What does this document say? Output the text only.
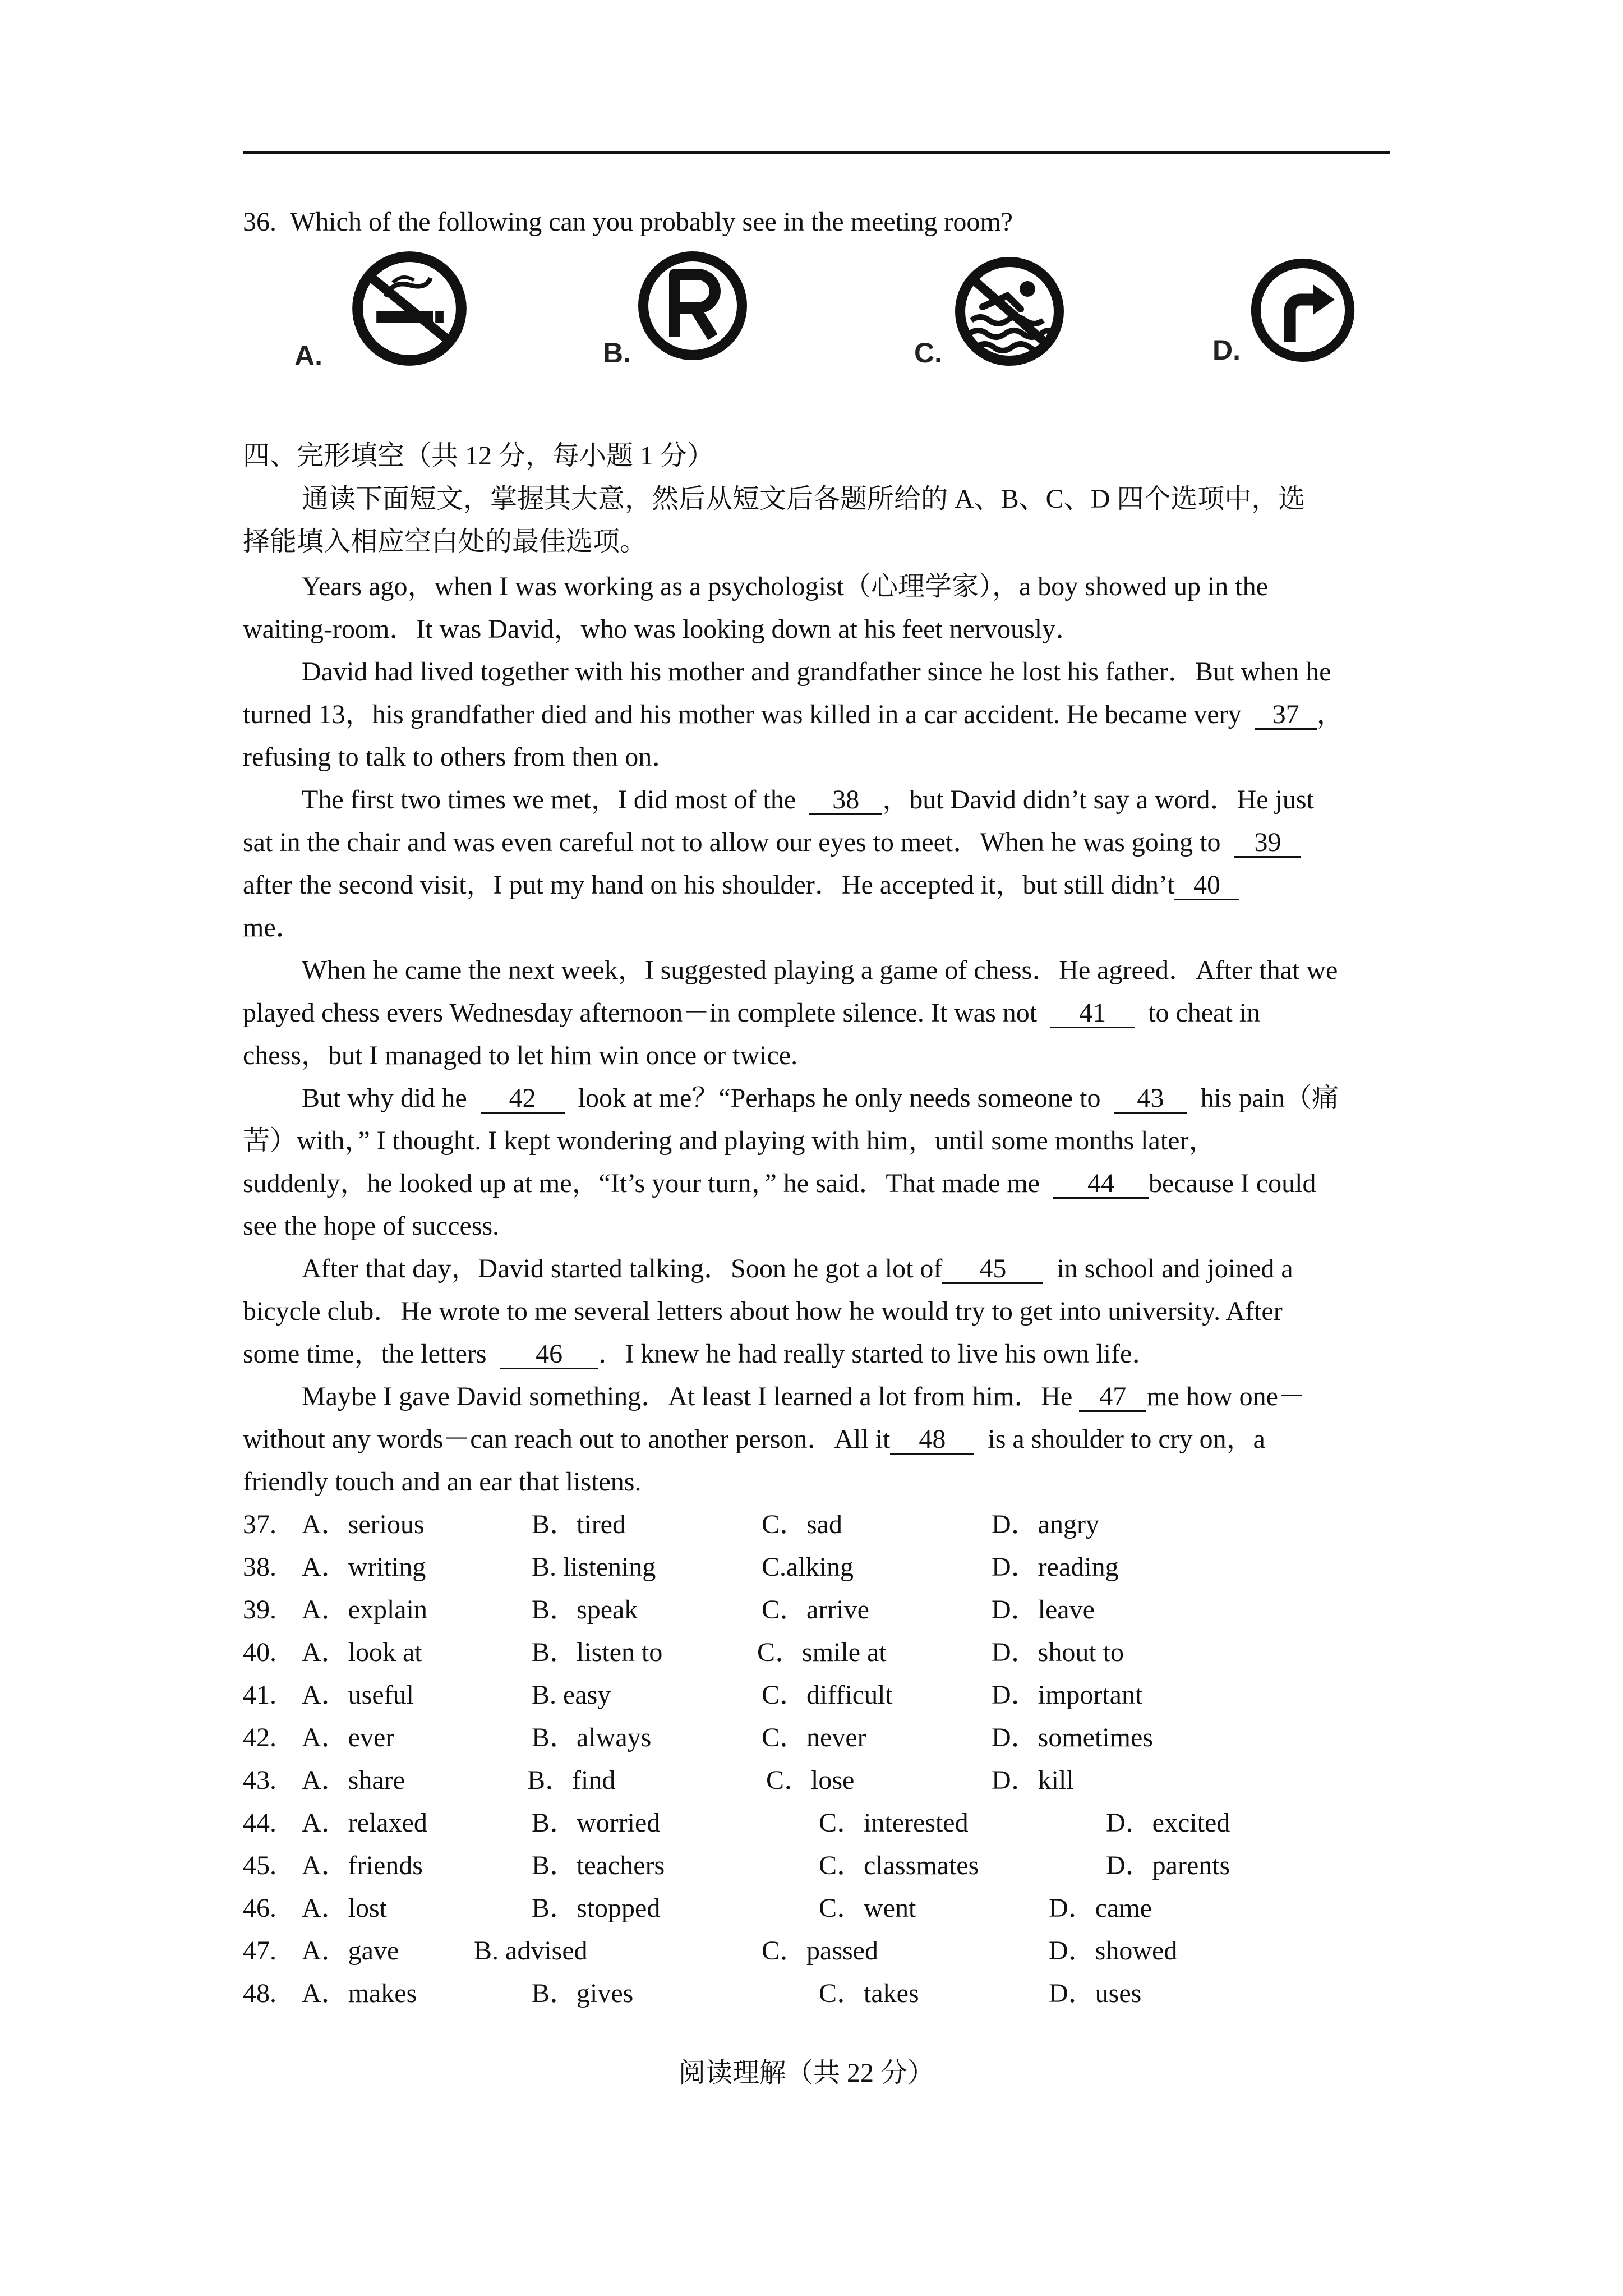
36. Which of the following can you probably see in the meeting room?
A.	B.	C.	D.
四、完形填空（共 12 分，每小题 1 分）
通读下面短文，掌握其大意，然后从短文后各题所给的 A、B、C、D 四个选项中，选
择能填入相应空白处的最佳选项。
Years ago，when I was working as a psychologist（心理学家），a boy showed up in the
waiting-room．It was David，who was looking down at his feet nervously．
David had lived together with his mother and grandfather since he lost his father．But when he
turned 13，his grandfather died and his mother was killed in a car accident. He became very 37 ，
refusing to talk to others from then on．
The first two times we met，I did most of the 38 ，but David didn’t say a word．He just
sat in the chair and was even careful not to allow our eyes to meet．When he was going to 39
after the second visit，I put my hand on his shoulder．He accepted it，but still didn’t 40
me．
When he came the next week，I suggested playing a game of chess．He agreed．After that we
played chess evers Wednesday afternoon－in complete silence. It was not 41 to cheat in
chess，but I managed to let him win once or twice.
But why did he 42 look at me？“Perhaps he only needs someone to 43 his pain（痛
苦）with，” I thought. I kept wondering and playing with him，until some months later，
suddenly，he looked up at me，“It’s your turn，” he said．That made me 44 because I could
see the hope of success.
After that day，David started talking．Soon he got a lot of 45 in school and joined a
bicycle club．He wrote to me several letters about how he would try to get into university. After
some time，the letters 46 ．I knew he had really started to live his own life．
Maybe I gave David something．At least I learned a lot from him．He 47 me how one－
without any words－can reach out to another person．All it 48 is a shoulder to cry on，a
friendly touch and an ear that listens.
37. A．serious	B．tired	C．sad	D．angry
38. A．writing	B. listening	C.alking	D．reading
39. A．explain	B．speak	C．arrive	D．leave
40. A．look at	B．listen to	C．smile at	D．shout to
41. A．useful	B. easy	C．difficult	D．important
42. A．ever	B．always	C．never	D．sometimes
43. A．share	B．find	C．lose	D．kill
44. A．relaxed	B．worried	C．interested	D．excited
45. A．friends	B．teachers	C．classmates	D．parents
46. A．lost	B．stopped	C．went	D．came
47. A．gave	B. advised	C．passed	D．showed
48. A．makes	B．gives	C．takes	D．uses
阅读理解（共 22 分）
